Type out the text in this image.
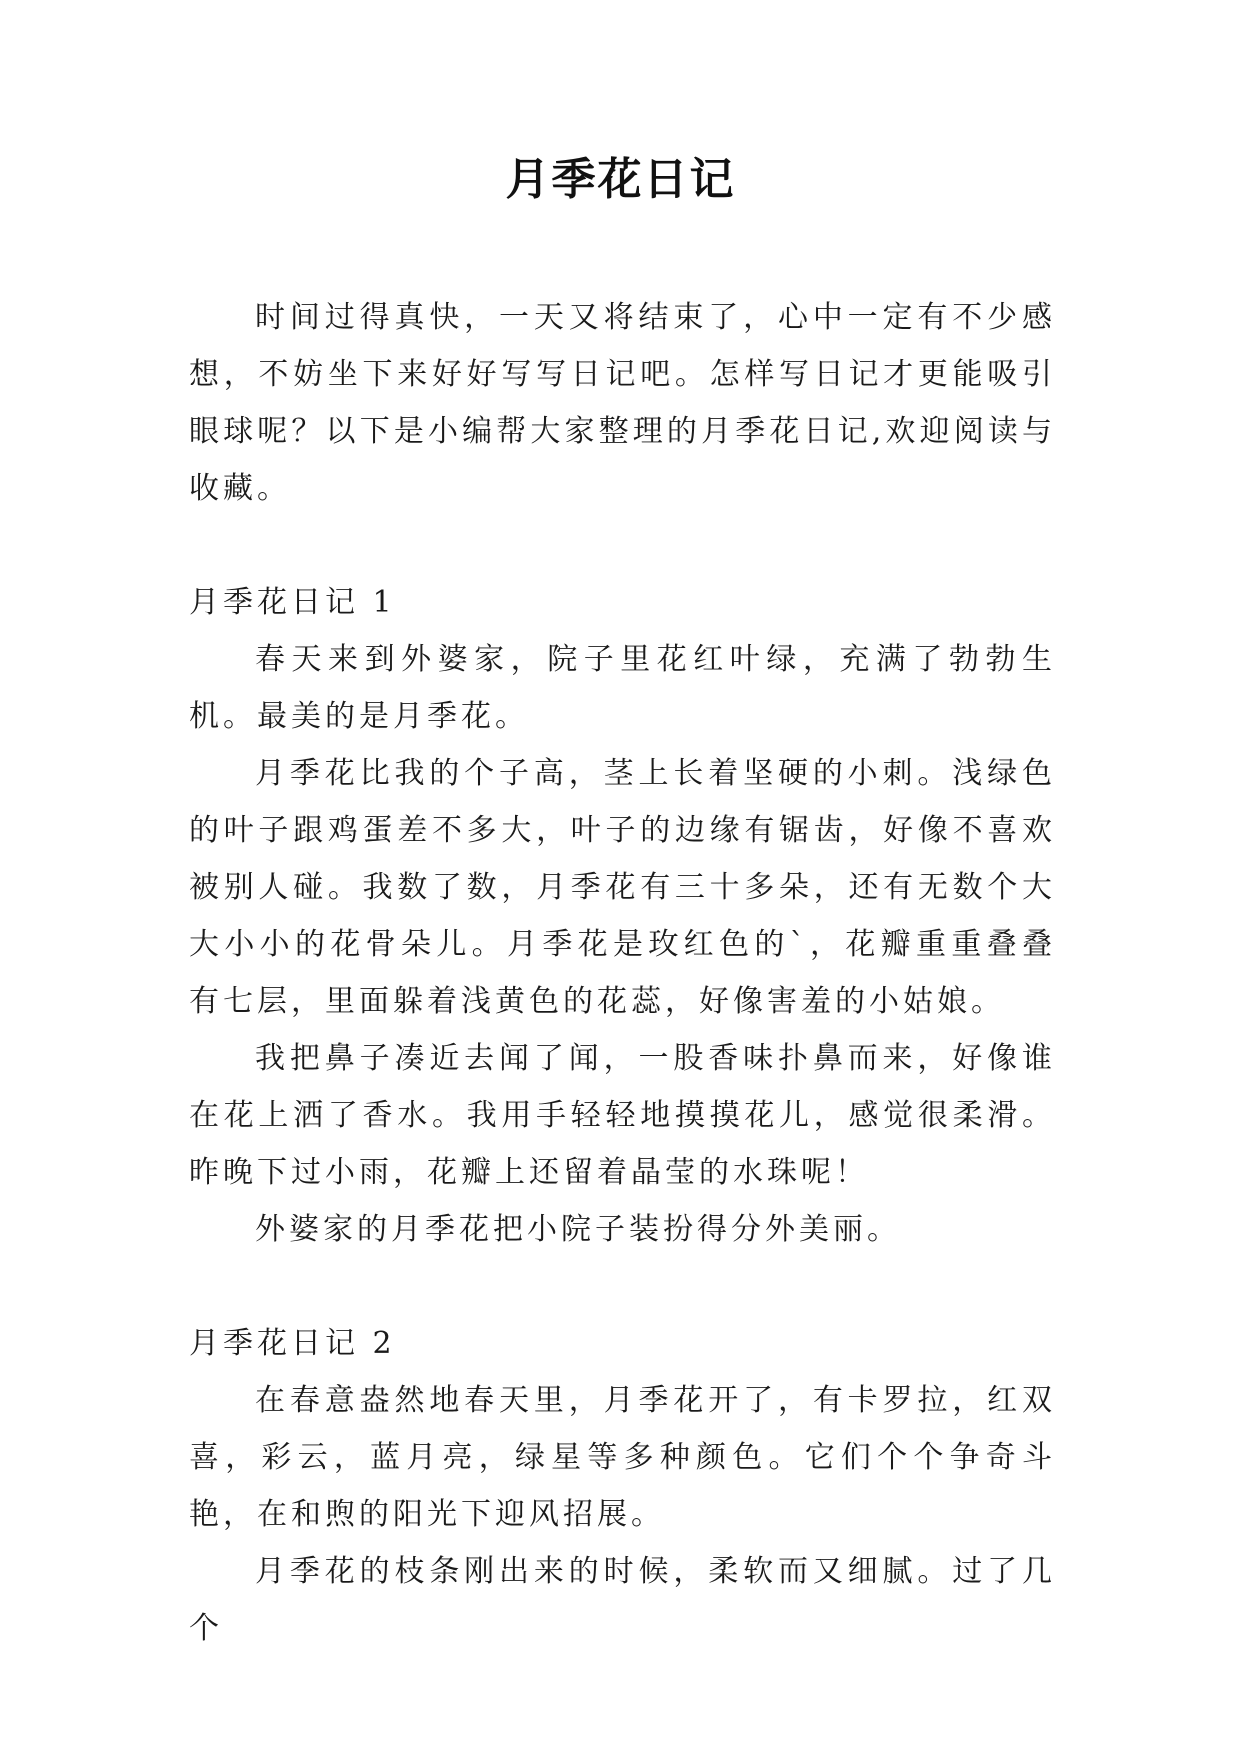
月季花日记

时间过得真快，一天又将结束了，心中一定有不少感想，不妨坐下来好好写写日记吧。怎样写日记才更能吸引眼球呢？以下是小编帮大家整理的月季花日记,欢迎阅读与收藏。

月季花日记 1

春天来到外婆家，院子里花红叶绿，充满了勃勃生机。最美的是月季花。

月季花比我的个子高，茎上长着坚硬的小刺。浅绿色的叶子跟鸡蛋差不多大，叶子的边缘有锯齿，好像不喜欢被别人碰。我数了数，月季花有三十多朵，还有无数个大大小小的花骨朵儿。月季花是玫红色的`，花瓣重重叠叠有七层，里面躲着浅黄色的花蕊，好像害羞的小姑娘。

我把鼻子凑近去闻了闻，一股香味扑鼻而来，好像谁在花上洒了香水。我用手轻轻地摸摸花儿，感觉很柔滑。昨晚下过小雨，花瓣上还留着晶莹的水珠呢！

外婆家的月季花把小院子装扮得分外美丽。

月季花日记 2

在春意盎然地春天里，月季花开了，有卡罗拉，红双喜，彩云，蓝月亮，绿星等多种颜色。它们个个争奇斗艳，在和煦的阳光下迎风招展。

月季花的枝条刚出来的时候，柔软而又细腻。过了几个
